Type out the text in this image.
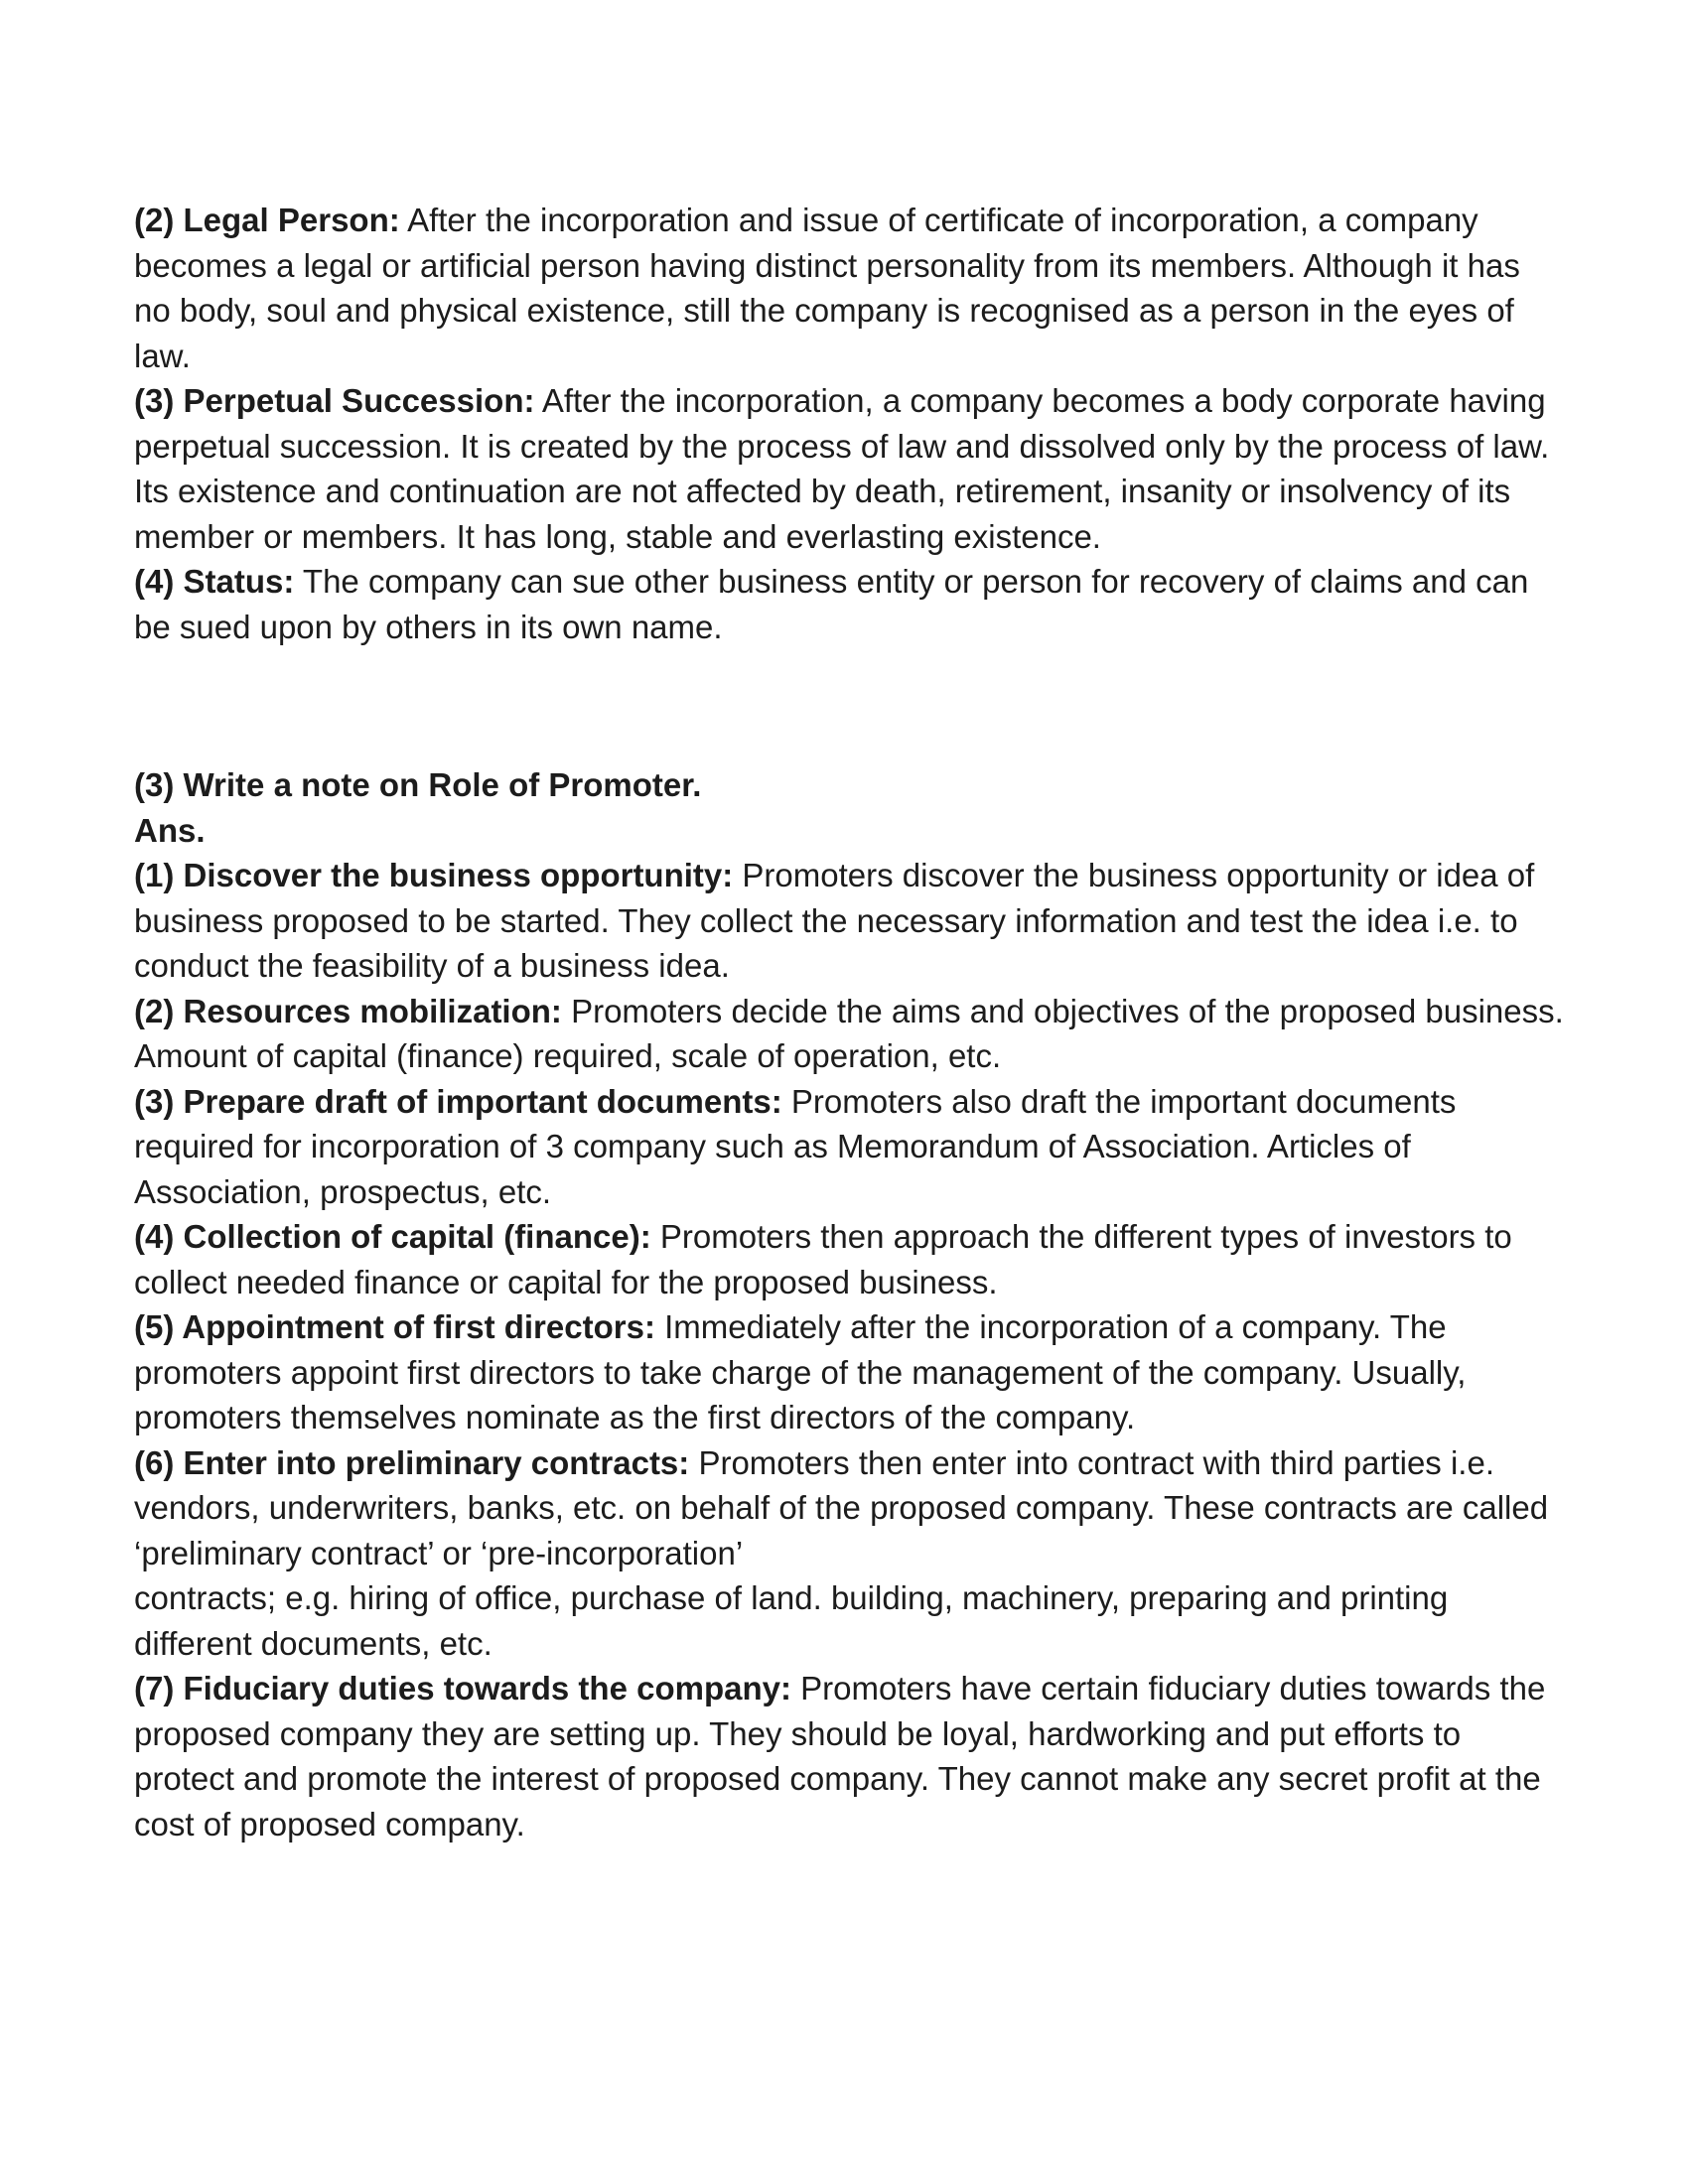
(2) Legal Person: After the incorporation and issue of certificate of incorporation, a company becomes a legal or artificial person having distinct personality from its members. Although it has no body, soul and physical existence, still the company is recognised as a person in the eyes of law.

(3) Perpetual Succession: After the incorporation, a company becomes a body corporate having perpetual succession. It is created by the process of law and dissolved only by the process of law. Its existence and continuation are not affected by death, retirement, insanity or insolvency of its member or members. It has long, stable and everlasting existence.

(4) Status: The company can sue other business entity or person for recovery of claims and can be sued upon by others in its own name.

(3) Write a note on Role of Promoter.

Ans.

(1) Discover the business opportunity: Promoters discover the business opportunity or idea of business proposed to be started. They collect the necessary information and test the idea i.e. to conduct the feasibility of a business idea.

(2) Resources mobilization: Promoters decide the aims and objectives of the proposed business. Amount of capital (finance) required, scale of operation, etc.

(3) Prepare draft of important documents: Promoters also draft the important documents required for incorporation of 3 company such as Memorandum of Association. Articles of Association, prospectus, etc.

(4) Collection of capital (finance): Promoters then approach the different types of investors to collect needed finance or capital for the proposed business.

(5) Appointment of first directors: Immediately after the incorporation of a company. The promoters appoint first directors to take charge of the management of the company. Usually, promoters themselves nominate as the first directors of the company.

(6) Enter into preliminary contracts: Promoters then enter into contract with third parties i.e. vendors, underwriters, banks, etc. on behalf of the proposed company. These contracts are called ‘preliminary contract’ or ‘pre-incorporation’

contracts; e.g. hiring of office, purchase of land. building, machinery, preparing and printing different documents, etc.

(7) Fiduciary duties towards the company: Promoters have certain fiduciary duties towards the proposed company they are setting up. They should be loyal, hardworking and put efforts to protect and promote the interest of proposed company. They cannot make any secret profit at the cost of proposed company.
